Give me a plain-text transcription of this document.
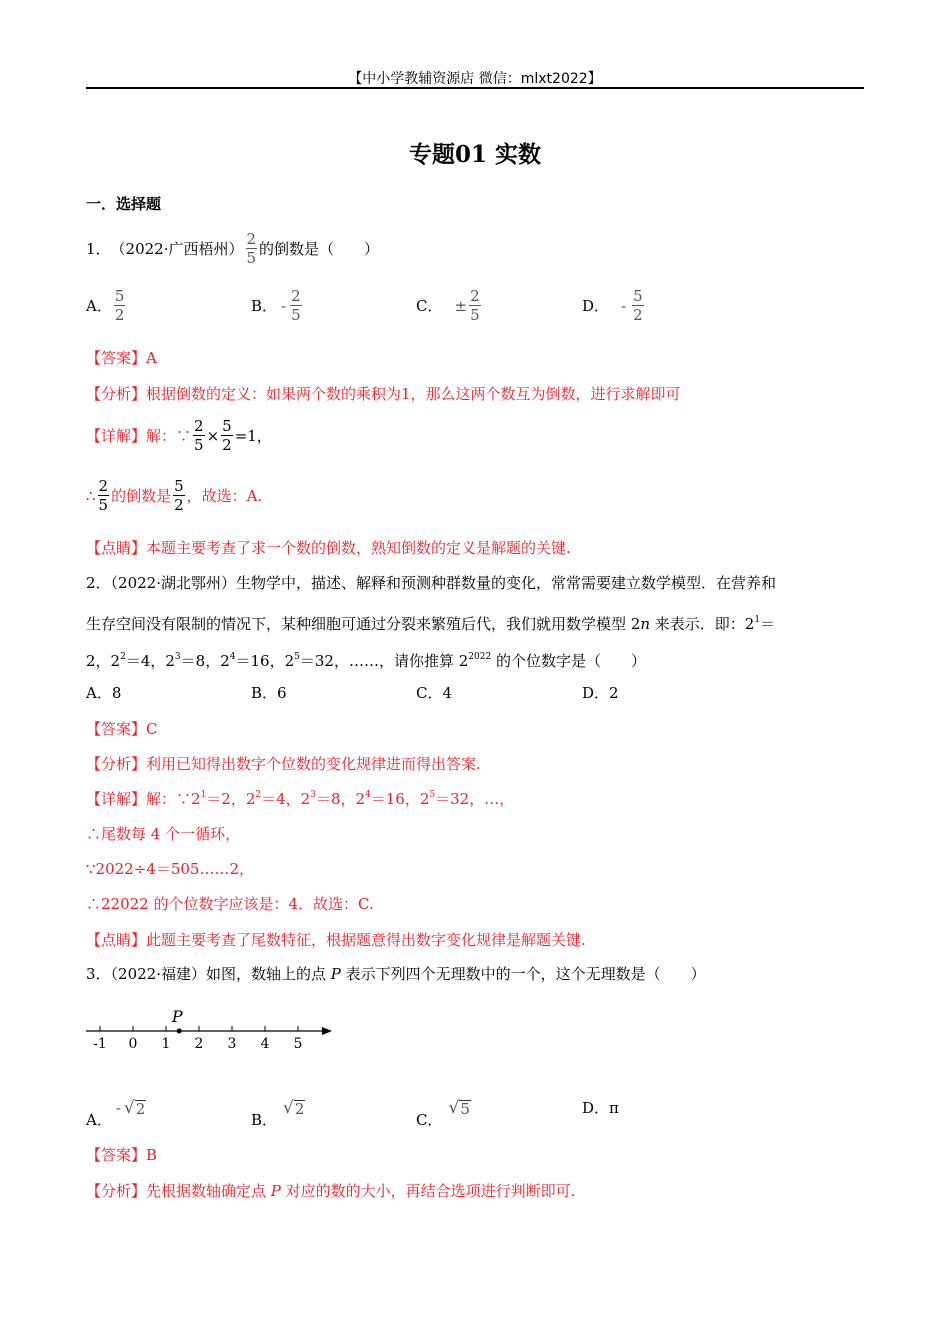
【中小学教辅资源店 微信：mlxt2022】
专题01 实数
一．选择题
1． （2022·广西梧州） $\frac{2}{5}$ 的倒数是（　　）
A． $\frac{5}{2}$	B． - $\frac{2}{5}$	C． ± $\frac{2}{5}$	D． - $\frac{5}{2}$
【答案】A
【分析】根据倒数的定义：如果两个数的乘积为1，那么这两个数互为倒数，进行求解即可
【详解】解：∵ $\frac{2}{5} \times \frac{5}{2} =1$，
∴ $\frac{2}{5}$ 的倒数是 $\frac{5}{2}$ ，故选：A.
【点睛】本题主要考查了求一个数的倒数，熟知倒数的定义是解题的关键.
2．（2022·湖北鄂州）生物学中，描述、解释和预测种群数量的变化，常常需要建立数学模型．在营养和
生存空间没有限制的情况下，某种细胞可通过分裂来繁殖后代，我们就用数学模型 2n 来表示．即：$2^1=$
2，$2^2=4$，$2^3=8$，$2^4=16$，$2^5=32$，……，请你推算 $2^{2022}$ 的个位数字是（　　）
A．8	B．6	C．4	D．2
【答案】C
【分析】利用已知得出数字个位数的变化规律进而得出答案.
【详解】解：$\because 2^1=2$，$2^2=4$，$2^3=8$，$2^4=16$，$2^5=32$，…，
∴尾数每 4 个一循环，
∵2022÷4＝505……2，
∴22022 的个位数字应该是：4．故选：C.
【点睛】此题主要考查了尾数特征，根据题意得出数字变化规律是解题关键.
3．（2022·福建）如图，数轴上的点 P 表示下列四个无理数中的一个，这个无理数是（　　）
-1 0 1 2 3 4 5
P
A．
- √ 2
B．
√ 2
C．
√ 5	D．π
【答案】B
【分析】先根据数轴确定点 P 对应的数的大小，再结合选项进行判断即可.
